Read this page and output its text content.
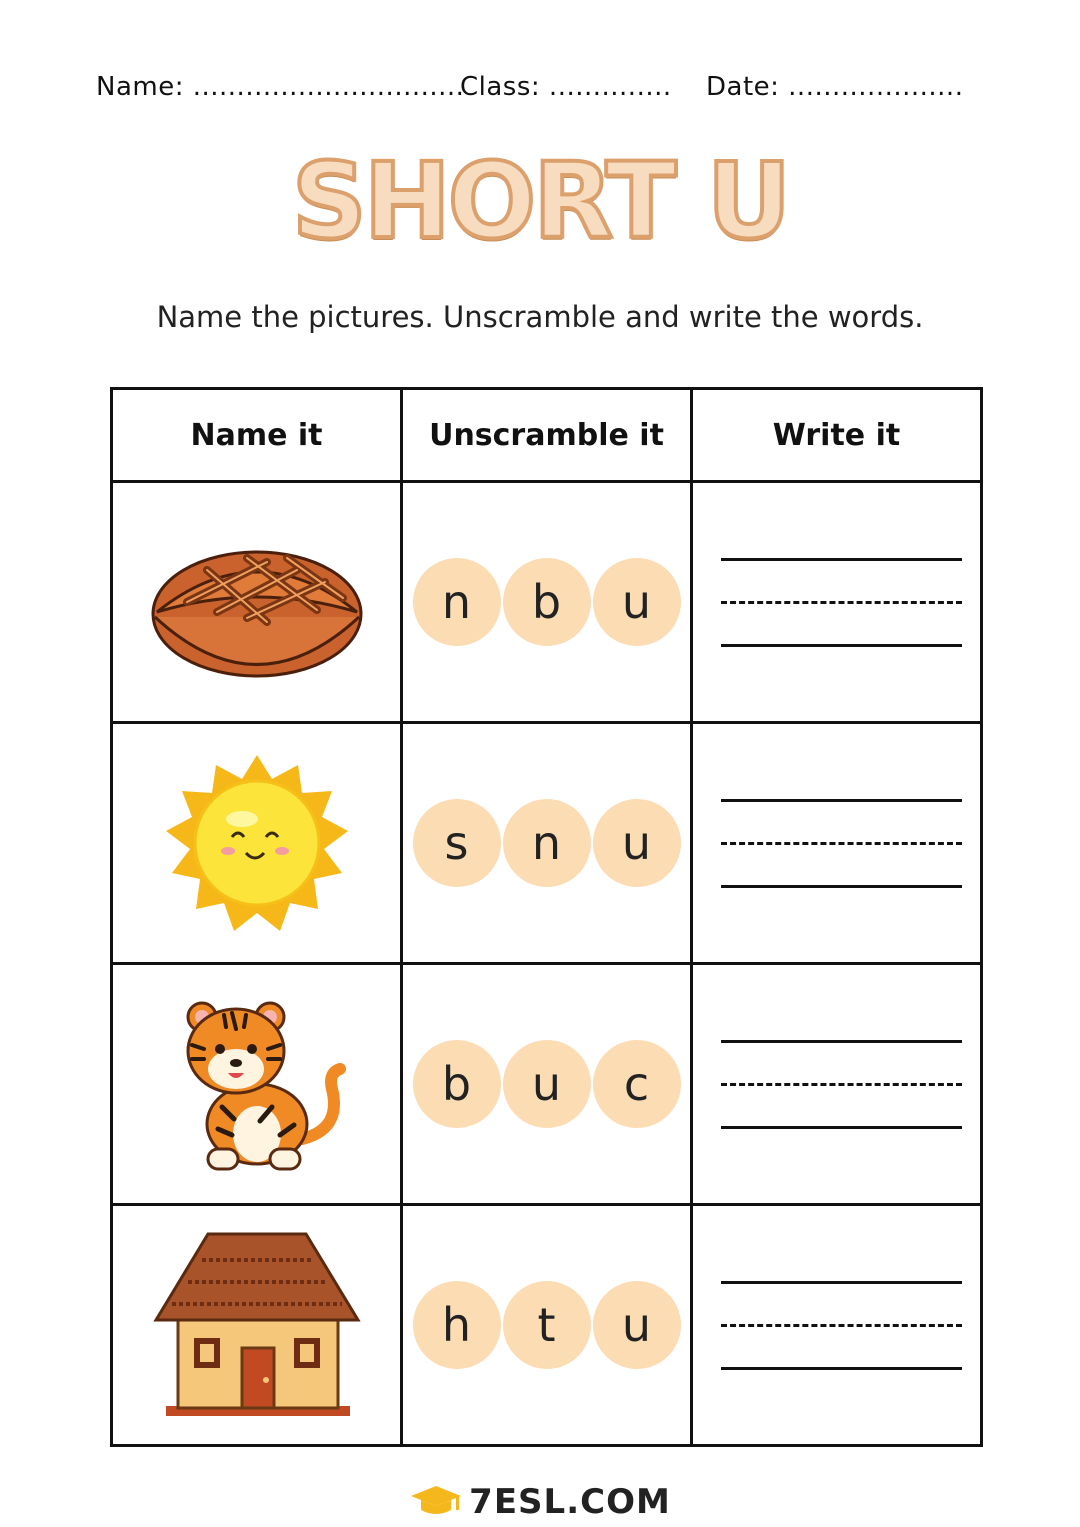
Name: ...............................
Class: .............. Date: ....................
SHORT U
Name the pictures. Unscramble and write the words.
Name it	Unscramble it	Write it

n b u	

s n u	

b u c	

h t u	

7ESL.COM
